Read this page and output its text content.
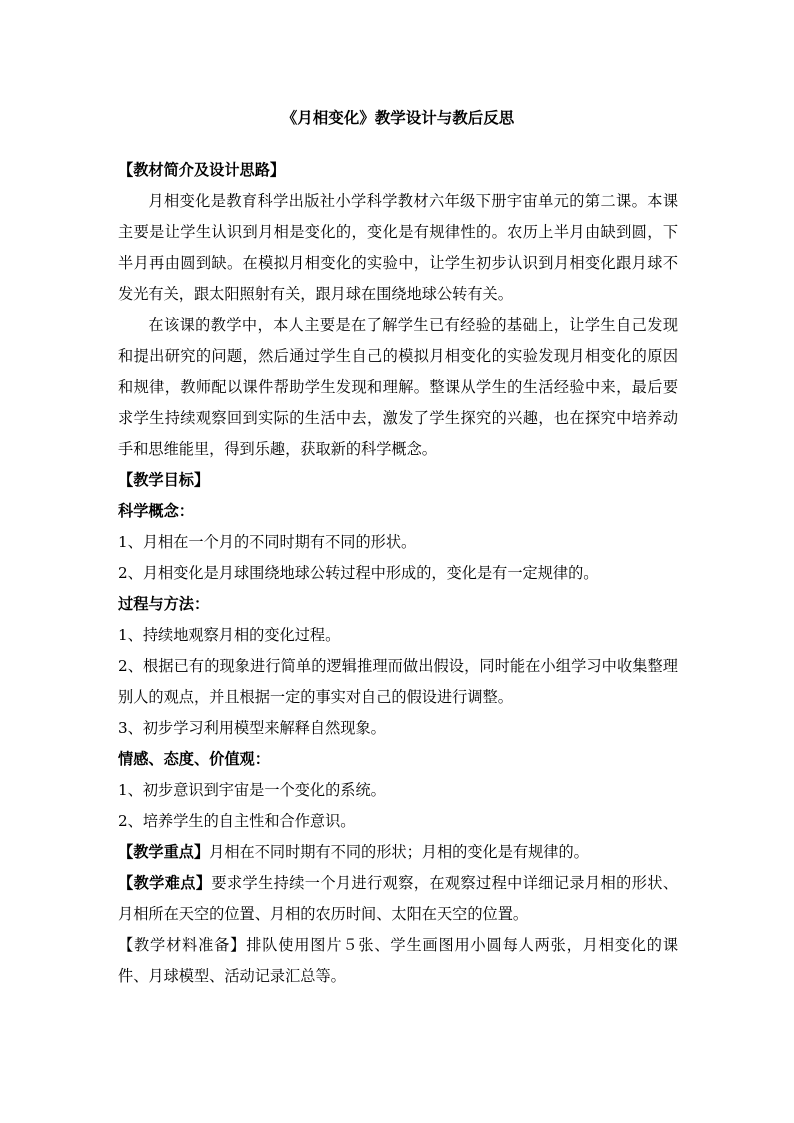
《月相变化》教学设计与教后反思
【教材简介及设计思路】

月相变化是教育科学出版社小学科学教材六年级下册宇宙单元的第二课。本课主要是让学生认识到月相是变化的，变化是有规律性的。农历上半月由缺到圆，下半月再由圆到缺。在模拟月相变化的实验中，让学生初步认识到月相变化跟月球不发光有关，跟太阳照射有关，跟月球在围绕地球公转有关。

在该课的教学中，本人主要是在了解学生已有经验的基础上，让学生自己发现和提出研究的问题，然后通过学生自己的模拟月相变化的实验发现月相变化的原因和规律，教师配以课件帮助学生发现和理解。整课从学生的生活经验中来，最后要求学生持续观察回到实际的生活中去，激发了学生探究的兴趣，也在探究中培养动手和思维能里，得到乐趣，获取新的科学概念。

【教学目标】
科学概念：

1、月相在一个月的不同时期有不同的形状。

2、月相变化是月球围绕地球公转过程中形成的，变化是有一定规律的。

过程与方法：

1、持续地观察月相的变化过程。

2、根据已有的现象进行简单的逻辑推理而做出假设，同时能在小组学习中收集整理别人的观点，并且根据一定的事实对自己的假设进行调整。

3、初步学习利用模型来解释自然现象。

情感、态度、价值观：

1、初步意识到宇宙是一个变化的系统。

2、培养学生的自主性和合作意识。

【教学重点】月相在不同时期有不同的形状；月相的变化是有规律的。

【教学难点】要求学生持续一个月进行观察，在观察过程中详细记录月相的形状、月相所在天空的位置、月相的农历时间、太阳在天空的位置。

【教学材料准备】排队使用图片５张、学生画图用小圆每人两张，月相变化的课件、月球模型、活动记录汇总等。
